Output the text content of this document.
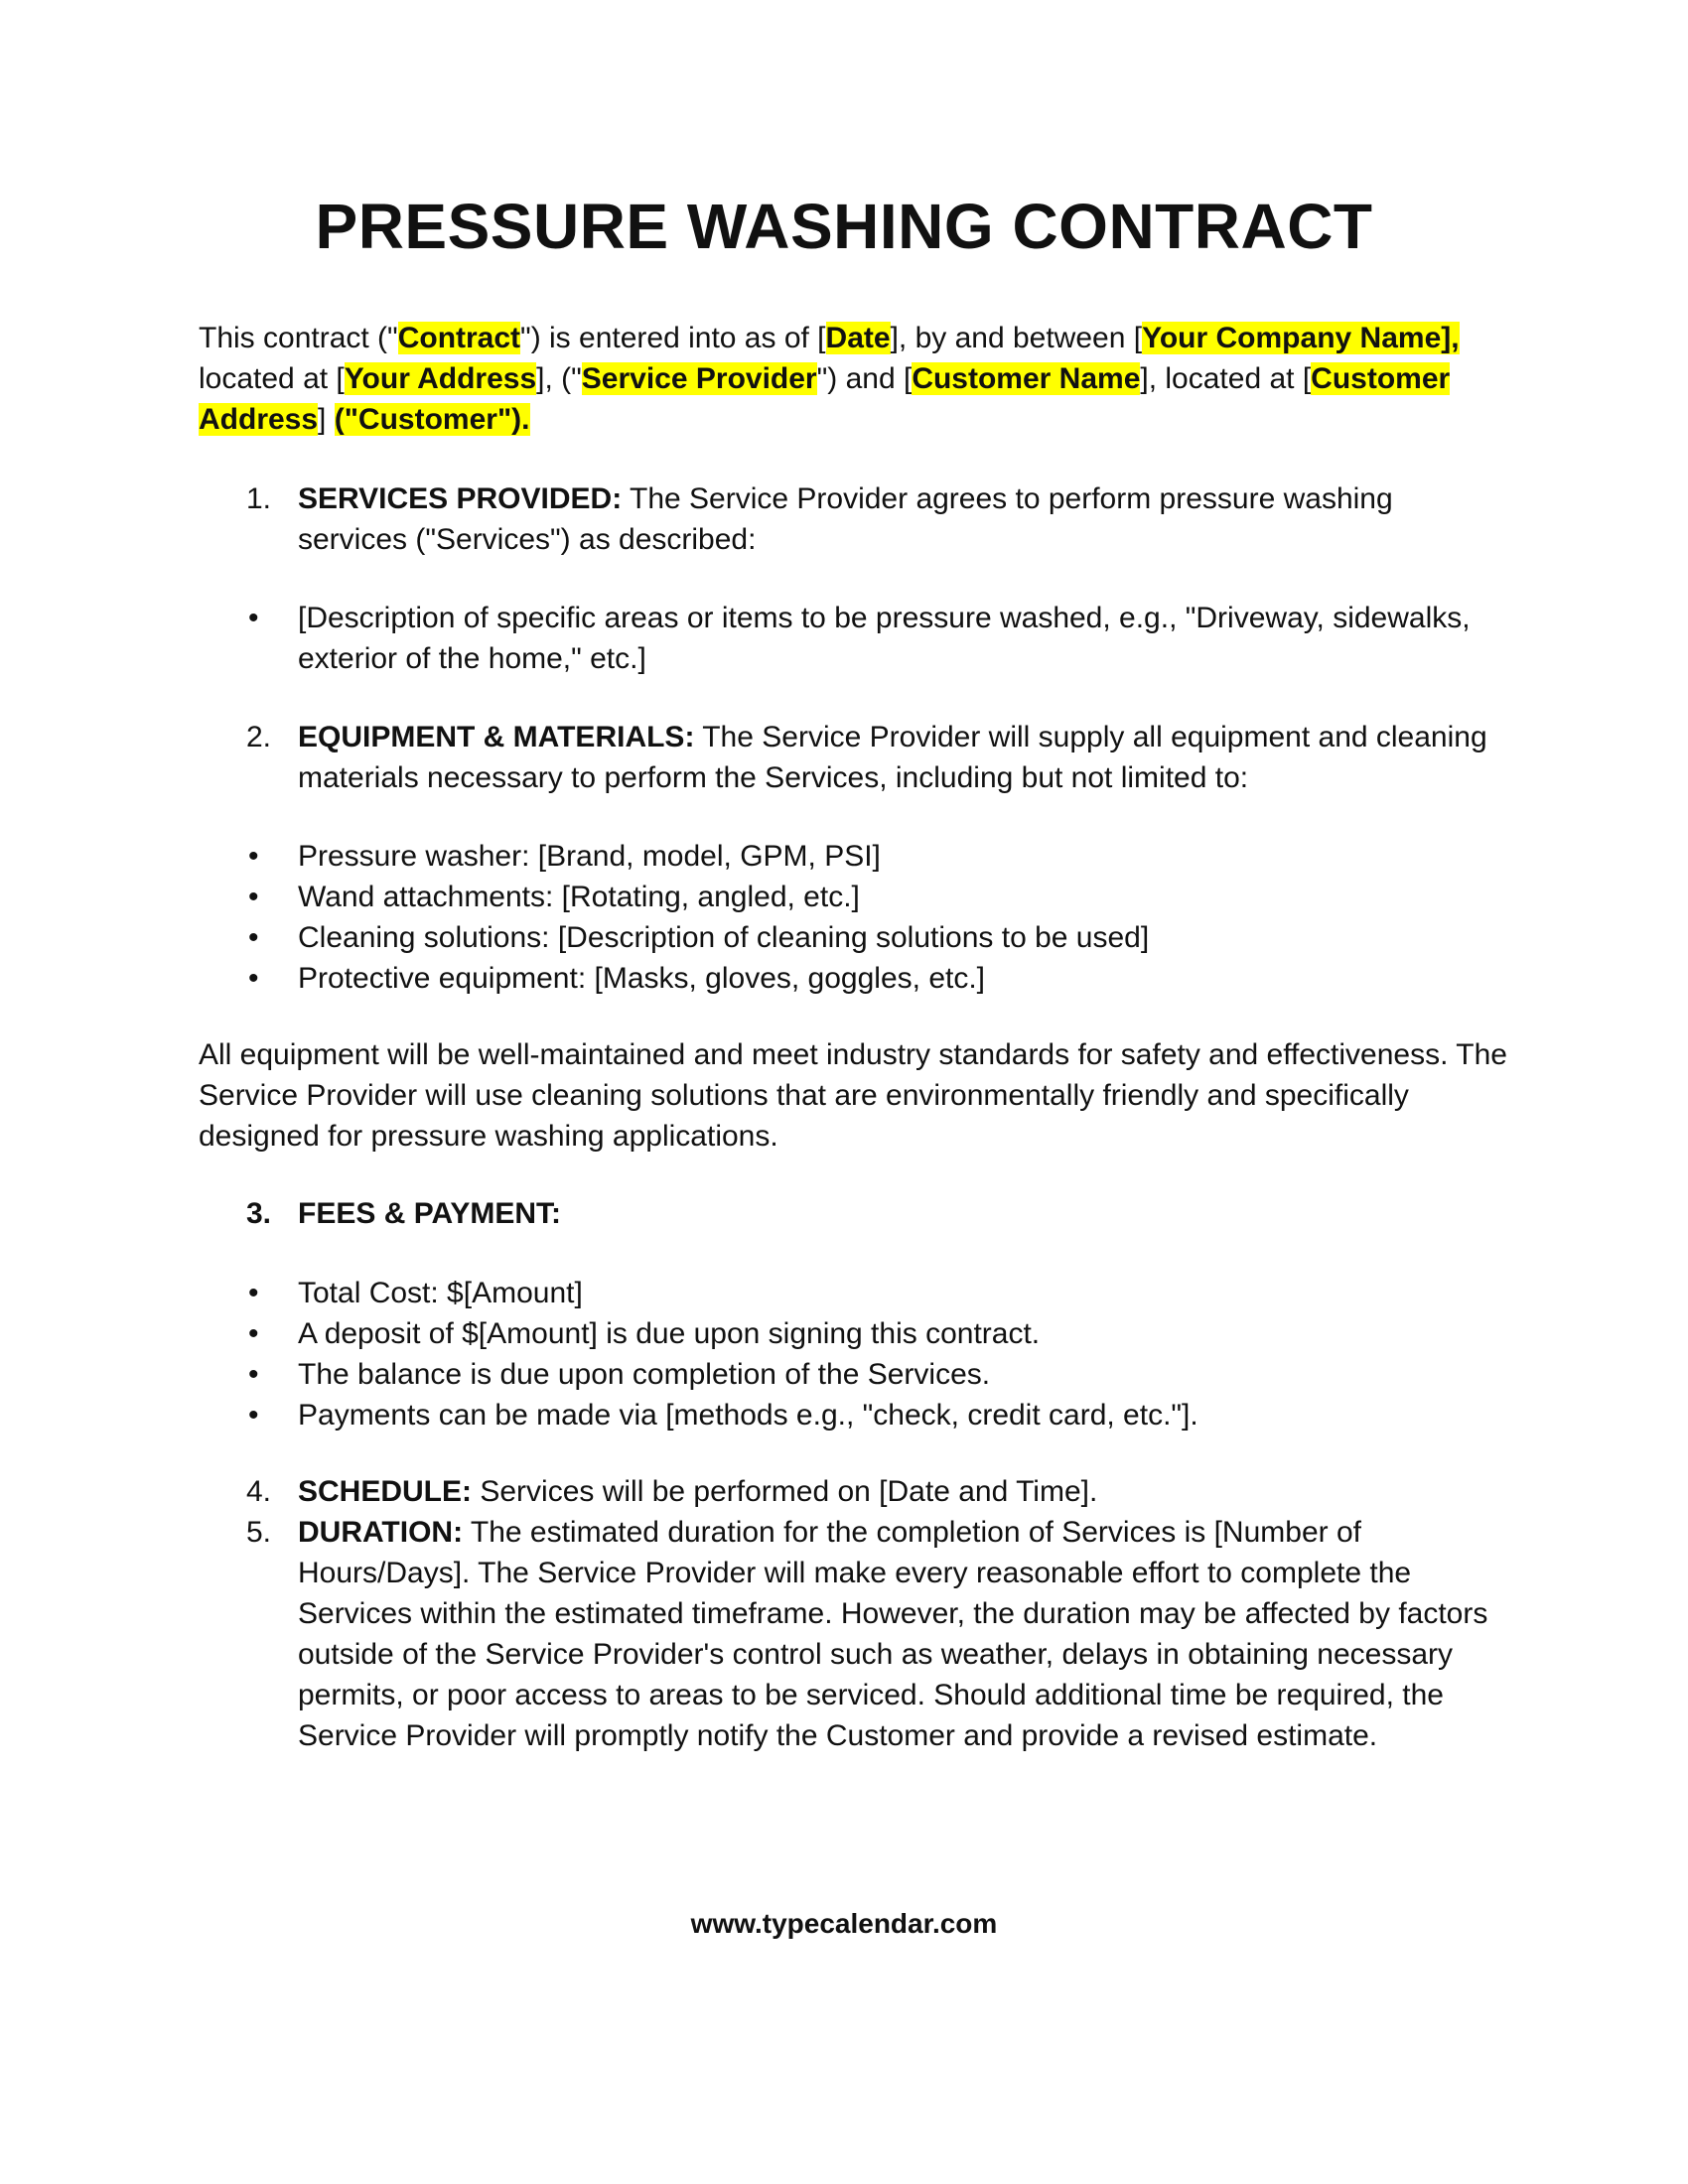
PRESSURE WASHING CONTRACT
This contract ("Contract") is entered into as of [Date], by and between [Your Company Name],
located at [Your Address], ("Service Provider") and [Customer Name], located at [Customer Address] ("Customer").
1. SERVICES PROVIDED: The Service Provider agrees to perform pressure washing services ("Services") as described:
• [Description of specific areas or items to be pressure washed, e.g., "Driveway, sidewalks, exterior of the home," etc.]
2. EQUIPMENT & MATERIALS: The Service Provider will supply all equipment and cleaning materials necessary to perform the Services, including but not limited to:
• Pressure washer: [Brand, model, GPM, PSI]
• Wand attachments: [Rotating, angled, etc.]
• Cleaning solutions: [Description of cleaning solutions to be used]
• Protective equipment: [Masks, gloves, goggles, etc.]
All equipment will be well-maintained and meet industry standards for safety and effectiveness. The Service Provider will use cleaning solutions that are environmentally friendly and specifically designed for pressure washing applications.
3. FEES & PAYMENT:
• Total Cost: $[Amount]
• A deposit of $[Amount] is due upon signing this contract.
• The balance is due upon completion of the Services.
• Payments can be made via [methods e.g., "check, credit card, etc."].
4. SCHEDULE: Services will be performed on [Date and Time].
5. DURATION: The estimated duration for the completion of Services is [Number of Hours/Days]. The Service Provider will make every reasonable effort to complete the Services within the estimated timeframe. However, the duration may be affected by factors outside of the Service Provider's control such as weather, delays in obtaining necessary permits, or poor access to areas to be serviced. Should additional time be required, the Service Provider will promptly notify the Customer and provide a revised estimate.
www.typecalendar.com
